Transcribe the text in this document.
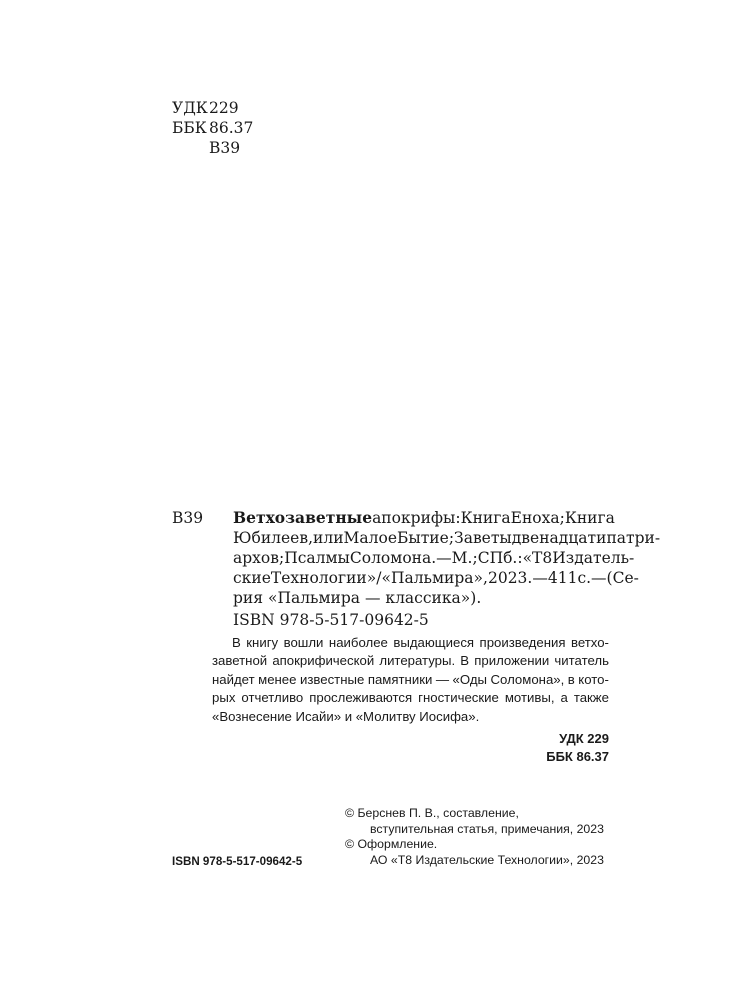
УДК 229
ББК 86.37
В39
В39 Ветхозаветные апокрифы : Книга Еноха ; Книга
Юбилеев, или Малое Бытие ; Заветы двенадцати патри-
архов ; Псалмы Соломона. — М. ; СПб. : «Т8 Издатель-
ские Технологии» / «Пальмира», 2023. — 411 с. — (Се-
рия «Пальмира — классика»).
ISBN 978-5-517-09642-5
В книгу вошли наиболее выдающиеся произведения ветхо-
заветной апокрифической литературы. В приложении читатель
найдет менее известные памятники — «Оды Соломона», в кото-
рых отчетливо прослеживаются гностические мотивы, а также
«Вознесение Исайи» и «Молитву Иосифа».
УДК 229
ББК 86.37
© Берснев П. В., составление,
вступительная статья, примечания, 2023
© Оформление.
АО «Т8 Издательские Технологии», 2023
ISBN 978-5-517-09642-5
